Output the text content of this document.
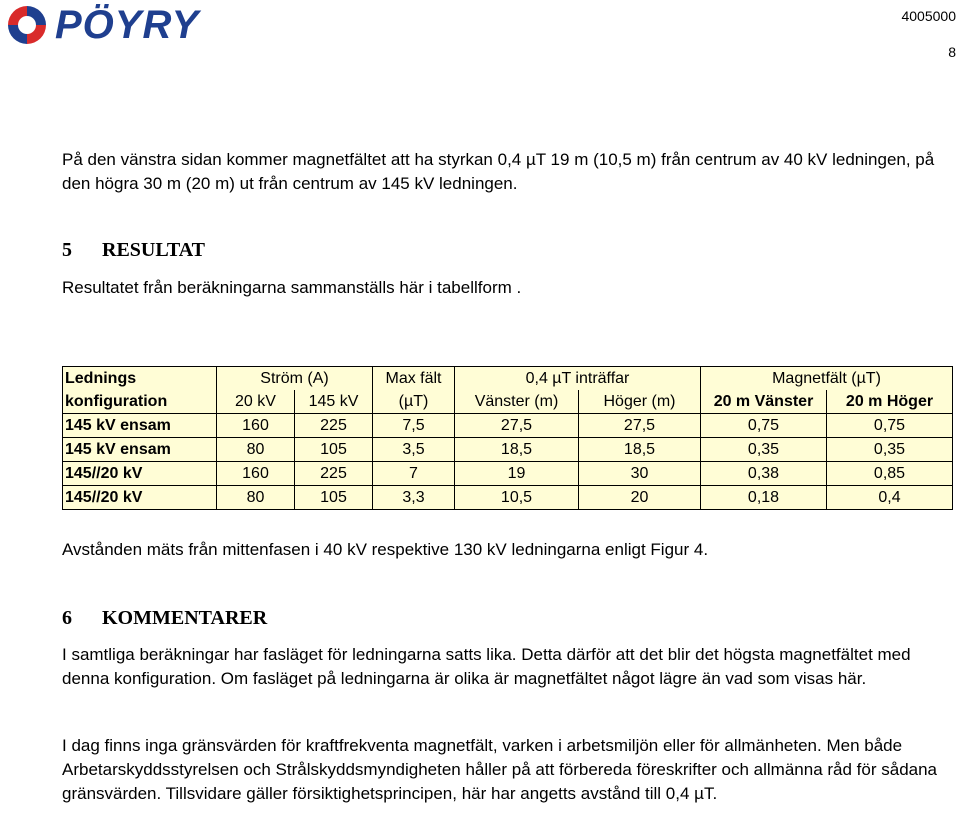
PÖYRY	4005000
8
På den vänstra sidan kommer magnetfältet att ha styrkan 0,4 µT 19 m (10,5 m) från centrum av 40 kV ledningen, på den högra 30 m (20 m) ut från centrum av 145 kV ledningen.
5 RESULTAT
Resultatet från beräkningarna sammanställs här i tabellform .
Lednings	Ström (A)		Max fält	0,4 µT inträffar		Magnetfält (µT)	
konfiguration	20 kV	145 kV	(µT)	Vänster (m)	Höger (m)	20 m Vänster	20 m Höger
145 kV ensam	160	225	7,5	27,5	27,5	0,75	0,75
145 kV ensam	80	105	3,5	18,5	18,5	0,35	0,35
145//20 kV	160	225	7	19	30	0,38	0,85
145//20 kV	80	105	3,3	10,5	20	0,18	0,4
Avstånden mäts från mittenfasen i 40 kV respektive 130 kV ledningarna enligt Figur 4.
6 KOMMENTARER
I samtliga beräkningar har fasläget för ledningarna satts lika. Detta därför att det blir det högsta magnetfältet med denna konfiguration. Om fasläget på ledningarna är olika är magnetfältet något lägre än vad som visas här.
I dag finns inga gränsvärden för kraftfrekventa magnetfält, varken i arbetsmiljön eller för allmänheten. Men både Arbetarskyddsstyrelsen och Strålskyddsmyndigheten håller på att förbereda föreskrifter och allmänna råd för sådana gränsvärden. Tillsvidare gäller försiktighetsprincipen, här har angetts avstånd till 0,4 µT.
